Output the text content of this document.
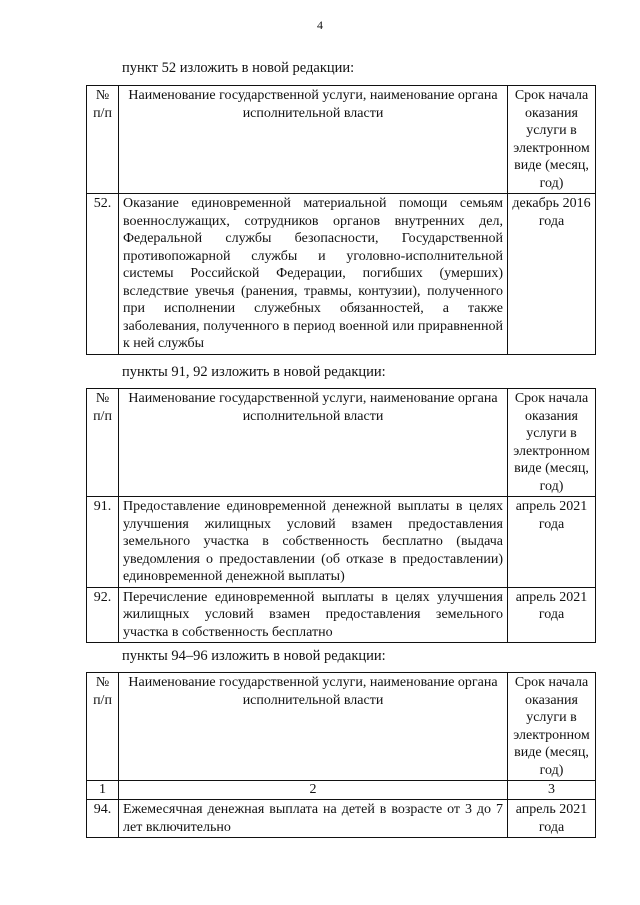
4
пункт 52 изложить в новой редакции:
№ п/п	Наименование государственной услуги, наименование органа исполнительной власти	Срок начала оказания услуги в электронном виде (месяц, год)
52.	Оказание единовременной материальной помощи семьям военнослужащих, сотрудников органов внутренних дел, Федеральной службы безопасности, Государственной противопожарной службы и уголовно-исполнительной системы Российской Федерации, погибших (умерших) вследствие увечья (ранения, травмы, контузии), полученного при исполнении служебных обязанностей, а также заболевания, полученного в период военной или приравненной к ней службы	декабрь 2016 года
пункты 91, 92 изложить в новой редакции:
№ п/п	Наименование государственной услуги, наименование органа исполнительной власти	Срок начала оказания услуги в электронном виде (месяц, год)
91.	Предоставление единовременной денежной выплаты в целях улучшения жилищных условий взамен предоставления земельного участка в собственность бесплатно (выдача уведомления о предоставлении (об отказе в предоставлении) единовременной денежной выплаты)	апрель 2021 года
92.	Перечисление единовременной выплаты в целях улучшения жилищных условий взамен предоставления земельного участка в собственность бесплатно	апрель 2021 года
пункты 94–96 изложить в новой редакции:
№ п/п	Наименование государственной услуги, наименование органа исполнительной власти	Срок начала оказания услуги в электронном виде (месяц, год)
1	2	3
94.	Ежемесячная денежная выплата на детей в возрасте от 3 до 7 лет включительно	апрель 2021 года
